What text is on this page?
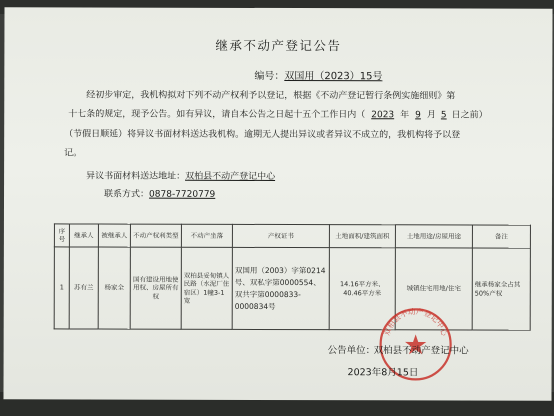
继承不动产登记公告
编号：双国用（2023）15号
经初步审定，我机构拟对下列不动产权利予以登记，根据《不动产登记暂行条例实施细则》第
十七条的规定，现予公告。如有异议，请自本公告之日起十五个工作日内（ 2023 年 9 月 5 日之前）
（节假日顺延）将异议书面材料送达我机构。逾期无人提出异议或者异议不成立的，我机构将予以登
记。
异议书面材料送达地址：双柏县不动产登记中心
联系方式：0878-7720779
序号	继承人	被继承人	不动产权利类型	不动产坐落	产权证书	土地面积/建筑面积	土地用途/房屋用途	备注
1	苏有兰	杨家全	国有建设用地使用权、房屋所有权	双柏县妥甸镇人民路（水泥厂住宿区）1幢3-1宽	双国用（2003）字第0214号、双私字第0000554、双共字第0000833-0000834号	14.16平方米、40.46平方米	城镇住宅用地/住宅	继承杨家全占其50%产权
双柏县不动产登记中心
公告单位：
双柏县不动产登记中心
2023年8月15日
